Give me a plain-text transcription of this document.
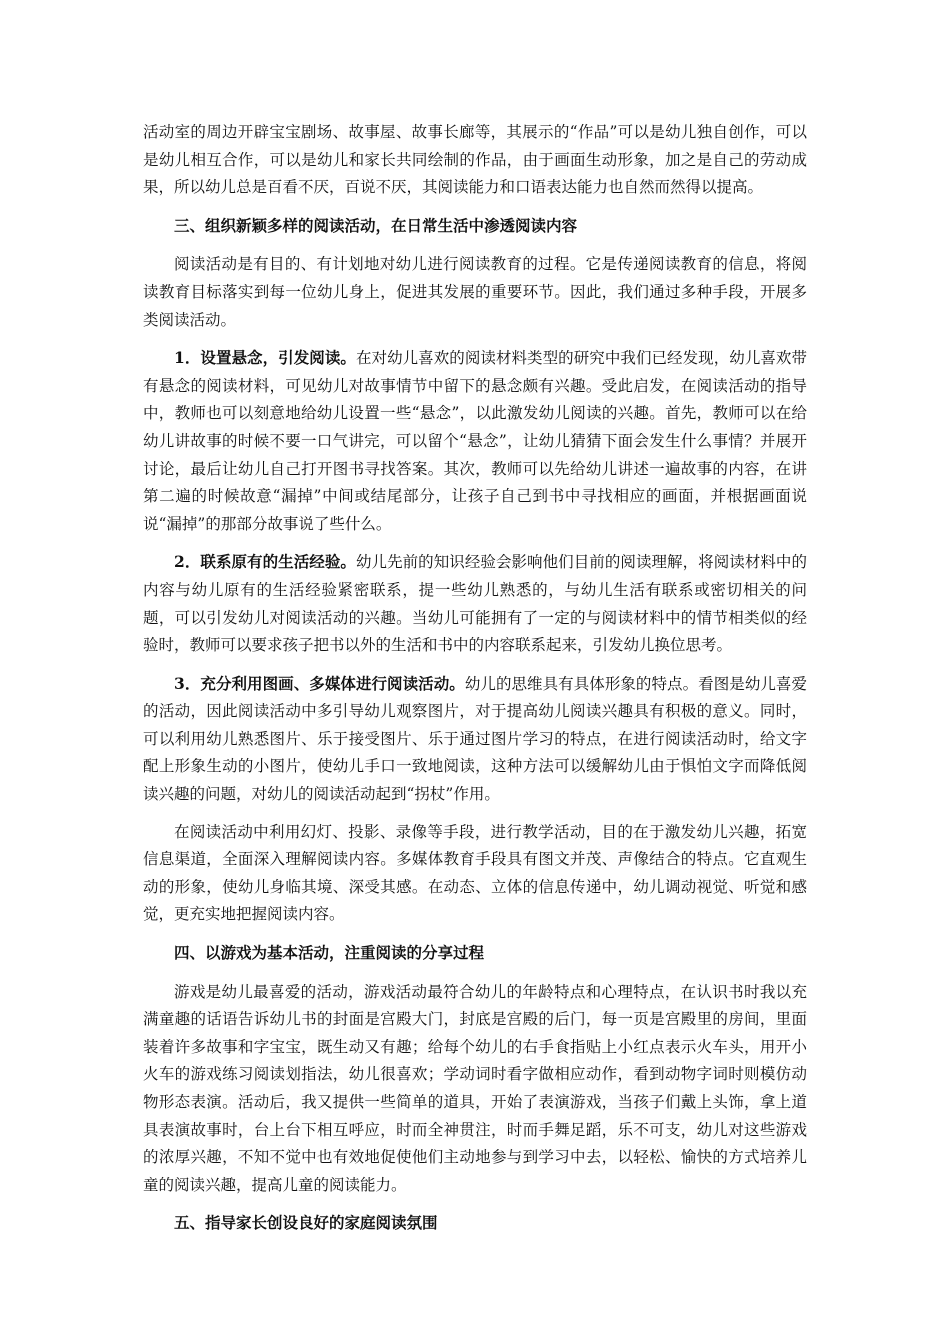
活动室的周边开辟宝宝剧场、故事屋、故事长廊等，其展示的“作品”可以是幼儿独自创作，可以是幼儿相互合作，可以是幼儿和家长共同绘制的作品，由于画面生动形象，加之是自己的劳动成果，所以幼儿总是百看不厌，百说不厌，其阅读能力和口语表达能力也自然而然得以提高。

三、组织新颖多样的阅读活动，在日常生活中渗透阅读内容

阅读活动是有目的、有计划地对幼儿进行阅读教育的过程。它是传递阅读教育的信息，将阅读教育目标落实到每一位幼儿身上，促进其发展的重要环节。因此，我们通过多种手段，开展多类阅读活动。

1．设置悬念，引发阅读。在对幼儿喜欢的阅读材料类型的研究中我们已经发现，幼儿喜欢带有悬念的阅读材料，可见幼儿对故事情节中留下的悬念颇有兴趣。受此启发，在阅读活动的指导中，教师也可以刻意地给幼儿设置一些“悬念”，以此激发幼儿阅读的兴趣。首先，教师可以在给幼儿讲故事的时候不要一口气讲完，可以留个“悬念”，让幼儿猜猜下面会发生什么事情？并展开讨论，最后让幼儿自己打开图书寻找答案。其次，教师可以先给幼儿讲述一遍故事的内容，在讲第二遍的时候故意“漏掉”中间或结尾部分，让孩子自己到书中寻找相应的画面，并根据画面说说“漏掉”的那部分故事说了些什么。

2．联系原有的生活经验。幼儿先前的知识经验会影响他们目前的阅读理解，将阅读材料中的内容与幼儿原有的生活经验紧密联系，提一些幼儿熟悉的，与幼儿生活有联系或密切相关的问题，可以引发幼儿对阅读活动的兴趣。当幼儿可能拥有了一定的与阅读材料中的情节相类似的经验时，教师可以要求孩子把书以外的生活和书中的内容联系起来，引发幼儿换位思考。

3．充分利用图画、多媒体进行阅读活动。幼儿的思维具有具体形象的特点。看图是幼儿喜爱的活动，因此阅读活动中多引导幼儿观察图片，对于提高幼儿阅读兴趣具有积极的意义。同时，可以利用幼儿熟悉图片、乐于接受图片、乐于通过图片学习的特点，在进行阅读活动时，给文字配上形象生动的小图片，使幼儿手口一致地阅读，这种方法可以缓解幼儿由于惧怕文字而降低阅读兴趣的问题，对幼儿的阅读活动起到“拐杖”作用。

在阅读活动中利用幻灯、投影、录像等手段，进行教学活动，目的在于激发幼儿兴趣，拓宽信息渠道，全面深入理解阅读内容。多媒体教育手段具有图文并茂、声像结合的特点。它直观生动的形象，使幼儿身临其境、深受其感。在动态、立体的信息传递中，幼儿调动视觉、听觉和感觉，更充实地把握阅读内容。

四、以游戏为基本活动，注重阅读的分享过程

游戏是幼儿最喜爱的活动，游戏活动最符合幼儿的年龄特点和心理特点，在认识书时我以充满童趣的话语告诉幼儿书的封面是宫殿大门，封底是宫殿的后门，每一页是宫殿里的房间，里面装着许多故事和字宝宝，既生动又有趣；给每个幼儿的右手食指贴上小红点表示火车头，用开小火车的游戏练习阅读划指法，幼儿很喜欢；学动词时看字做相应动作，看到动物字词时则模仿动物形态表演。活动后，我又提供一些简单的道具，开始了表演游戏，当孩子们戴上头饰，拿上道具表演故事时，台上台下相互呼应，时而全神贯注，时而手舞足蹈，乐不可支，幼儿对这些游戏的浓厚兴趣，不知不觉中也有效地促使他们主动地参与到学习中去，以轻松、愉快的方式培养儿童的阅读兴趣，提高儿童的阅读能力。

五、指导家长创设良好的家庭阅读氛围
